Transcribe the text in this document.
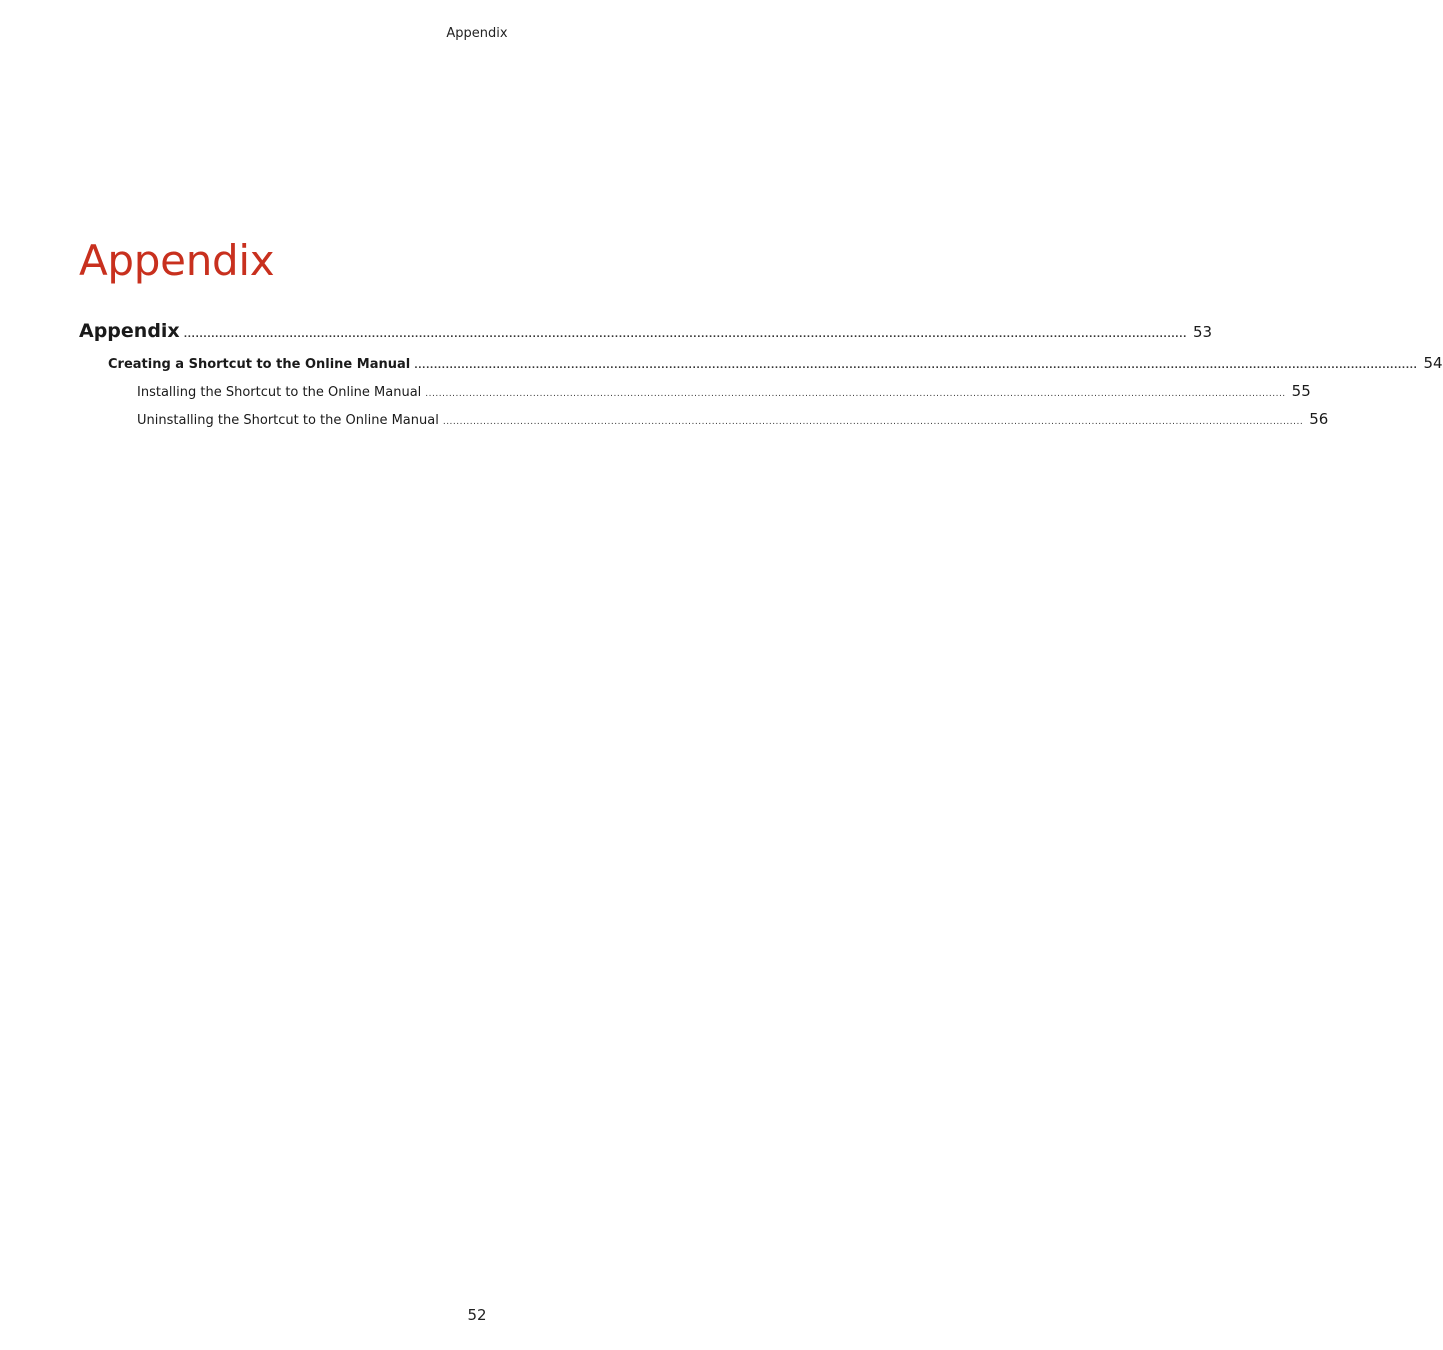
Appendix
Appendix
Appendix ................................................................................................................................................................................................................................................................ 53
Creating a Shortcut to the Online Manual ................................................................................................................................................................................................................................................................ 54
Installing the Shortcut to the Online Manual ................................................................................................................................................................................................................................................................ 55
Uninstalling the Shortcut to the Online Manual ................................................................................................................................................................................................................................................................ 56
52
